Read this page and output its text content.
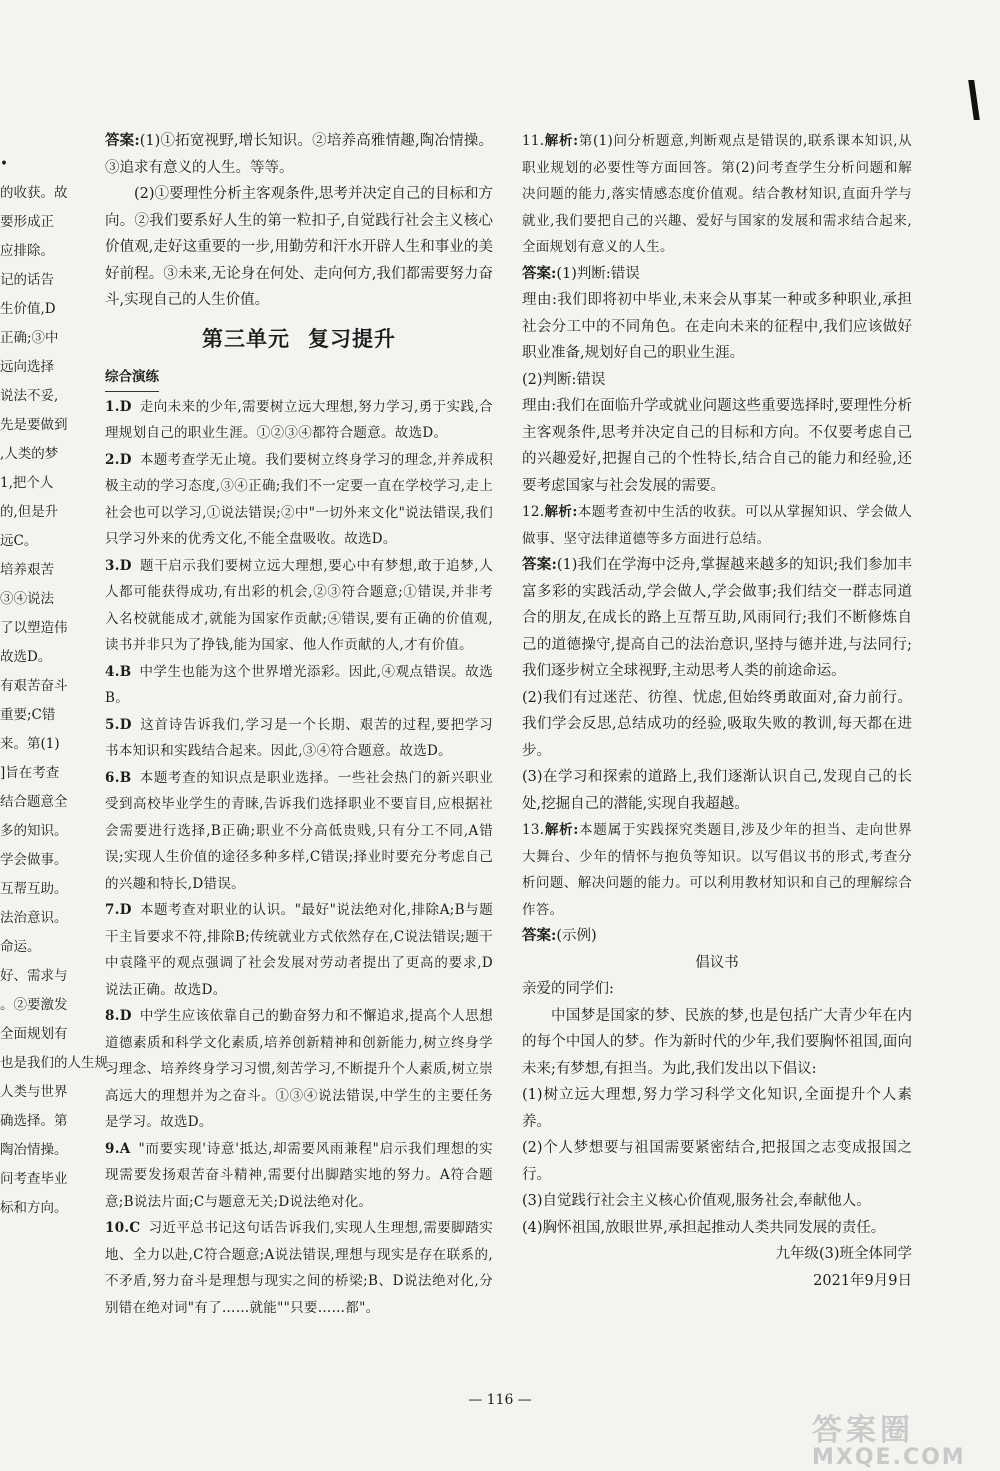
•

的收获。故

要形成正

应排除。

记的话告

生价值,D

正确;③中

远向选择

说法不妥,

先是要做到

,人类的梦

1,把个人

的,但是升

远C。

培养艰苦

③④说法

了以塑造伟

故选D。

有艰苦奋斗

重要;C错

来。第(1)

]旨在考查

结合题意全

多的知识。

学会做事。

互帮互助。

法治意识。

命运。

好、需求与

。②要激发

全面规划有

也是我们的人生规

人类与世界

确选择。第

陶冶情操。

问考查毕业

标和方向。

答案:(1)①拓宽视野,增长知识。②培养高雅情趣,陶冶情操。③追求有意义的人生。等等。

(2)①要理性分析主客观条件,思考并决定自己的目标和方向。②我们要系好人生的第一粒扣子,自觉践行社会主义核心价值观,走好这重要的一步,用勤劳和汗水开辟人生和事业的美好前程。③未来,无论身在何处、走向何方,我们都需要努力奋斗,实现自己的人生价值。

第三单元 复习提升
综合演练

1.D 走向未来的少年,需要树立远大理想,努力学习,勇于实践,合理规划自己的职业生涯。①②③④都符合题意。故选D。

2.D 本题考查学无止境。我们要树立终身学习的理念,并养成积极主动的学习态度,③④正确;我们不一定要一直在学校学习,走上社会也可以学习,①说法错误;②中"一切外来文化"说法错误,我们只学习外来的优秀文化,不能全盘吸收。故选D。

3.D 题干启示我们要树立远大理想,要心中有梦想,敢于追梦,人人都可能获得成功,有出彩的机会,②③符合题意;①错误,并非考入名校就能成才,就能为国家作贡献;④错误,要有正确的价值观,读书并非只为了挣钱,能为国家、他人作贡献的人,才有价值。

4.B 中学生也能为这个世界增光添彩。因此,④观点错误。故选B。

5.D 这首诗告诉我们,学习是一个长期、艰苦的过程,要把学习书本知识和实践结合起来。因此,③④符合题意。故选D。

6.B 本题考查的知识点是职业选择。一些社会热门的新兴职业受到高校毕业学生的青睐,告诉我们选择职业不要盲目,应根据社会需要进行选择,B正确;职业不分高低贵贱,只有分工不同,A错误;实现人生价值的途径多种多样,C错误;择业时要充分考虑自己的兴趣和特长,D错误。

7.D 本题考查对职业的认识。"最好"说法绝对化,排除A;B与题干主旨要求不符,排除B;传统就业方式依然存在,C说法错误;题干中袁隆平的观点强调了社会发展对劳动者提出了更高的要求,D说法正确。故选D。

8.D 中学生应该依靠自己的勤奋努力和不懈追求,提高个人思想道德素质和科学文化素质,培养创新精神和创新能力,树立终身学习理念、培养终身学习习惯,刻苦学习,不断提升个人素质,树立崇高远大的理想并为之奋斗。①③④说法错误,中学生的主要任务是学习。故选D。

9.A "而要实现'诗意'抵达,却需要风雨兼程"启示我们理想的实现需要发扬艰苦奋斗精神,需要付出脚踏实地的努力。A符合题意;B说法片面;C与题意无关;D说法绝对化。

10.C 习近平总书记这句话告诉我们,实现人生理想,需要脚踏实地、全力以赴,C符合题意;A说法错误,理想与现实是存在联系的,不矛盾,努力奋斗是理想与现实之间的桥梁;B、D说法绝对化,分别错在绝对词"有了……就能""只要……都"。

11.解析:第(1)问分析题意,判断观点是错误的,联系课本知识,从职业规划的必要性等方面回答。第(2)问考查学生分析问题和解决问题的能力,落实情感态度价值观。结合教材知识,直面升学与就业,我们要把自己的兴趣、爱好与国家的发展和需求结合起来,全面规划有意义的人生。

答案:(1)判断:错误

理由:我们即将初中毕业,未来会从事某一种或多种职业,承担社会分工中的不同角色。在走向未来的征程中,我们应该做好职业准备,规划好自己的职业生涯。

(2)判断:错误

理由:我们在面临升学或就业问题这些重要选择时,要理性分析主客观条件,思考并决定自己的目标和方向。不仅要考虑自己的兴趣爱好,把握自己的个性特长,结合自己的能力和经验,还要考虑国家与社会发展的需要。

12.解析:本题考查初中生活的收获。可以从掌握知识、学会做人做事、坚守法律道德等多方面进行总结。

答案:(1)我们在学海中泛舟,掌握越来越多的知识;我们参加丰富多彩的实践活动,学会做人,学会做事;我们结交一群志同道合的朋友,在成长的路上互帮互助,风雨同行;我们不断修炼自己的道德操守,提高自己的法治意识,坚持与德并进,与法同行;我们逐步树立全球视野,主动思考人类的前途命运。

(2)我们有过迷茫、彷徨、忧虑,但始终勇敢面对,奋力前行。我们学会反思,总结成功的经验,吸取失败的教训,每天都在进步。

(3)在学习和探索的道路上,我们逐渐认识自己,发现自己的长处,挖掘自己的潜能,实现自我超越。

13.解析:本题属于实践探究类题目,涉及少年的担当、走向世界大舞台、少年的情怀与抱负等知识。以写倡议书的形式,考查分析问题、解决问题的能力。可以利用教材知识和自己的理解综合作答。

答案:(示例)

倡议书

亲爱的同学们:

中国梦是国家的梦、民族的梦,也是包括广大青少年在内的每个中国人的梦。作为新时代的少年,我们要胸怀祖国,面向未来;有梦想,有担当。为此,我们发出以下倡议:

(1)树立远大理想,努力学习科学文化知识,全面提升个人素养。

(2)个人梦想要与祖国需要紧密结合,把报国之志变成报国之行。

(3)自觉践行社会主义核心价值观,服务社会,奉献他人。

(4)胸怀祖国,放眼世界,承担起推动人类共同发展的责任。

九年级(3)班全体同学

2021年9月9日

— 116 —
答案圈
MXQE.COM
